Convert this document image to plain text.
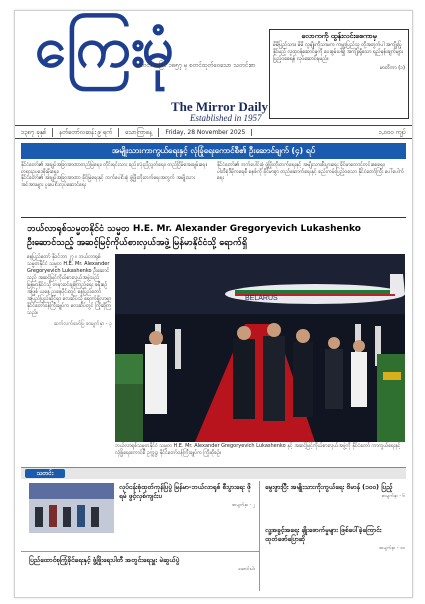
ကြေးမုံ
သတင်း အမြင် ၁၈၅၇ မှ စတင်ထုတ်ဝေသော သတင်းစာ
The Mirror Daily
Established in 1957
လောကကို ထွန်းလင်းစေကာမှ
မိမိပြည်သား၊ မိမိ လူမျိုးကိုသာမက ကမ္ဘာ့ပြည်သူ တို့အတွက်ပါ အကျိုးပြုနိုင်မည့် လူထုဝန်ဆောင်မှုကို ပေးစွမ်းပါ၍ အကျိုးရှိသော ရည်မှန်းချက်များ ပြည့်ဝစေရန် လုပ်ဆောင်ရမည်။
မာတိကာ (၁)
၁၃၈၇ ခုနှစ်	နတ်တော်လဆန်း ၉ ရက်	သောကြာနေ့	Friday, 28 November 2025	၁,၀၀၀ ကျပ်
အမျိုးသားကာကွယ်ရေးနှင့် လုံခြုံရေးကောင်စီ၏ ဦးဆောင်ချက် (၄) ရပ်
နိုင်ငံတော်၏ အချုပ်အခြာအာဏာတည်မြဲရေး၊ တိုင်းရင်းသား စည်းလုံးညီညွတ်ရေး၊ တည်ငြိမ်အေးချမ်းရေး၊ တရားဥပဒေစိုးမိုးရေး၊
နိုင်ငံတော်၏ အချုပ်အခြာအာဏာ ခိုင်မြဲရေးနှင့် ဘက်ပေါင်းစုံ ဖွံ့ဖြိုးတိုးတက်ရေးအတွက် အမျိုးသားအင်အားများ ပူးပေါင်းလုပ်ဆောင်ရေး
နိုင်ငံတော်၏ ဘက်ပေါင်းစုံ ဖွံ့ဖြိုးတိုးတက်ရေးနှင့် အမျိုးသားစီးပွားရေး ခိုင်မာတောင့်တင်းစေရေး၊
ပါတီစုံဒီမိုကရေစီ စနစ်ကို ခိုင်မာစွာ တည်ဆောက်ရေးနှင့် စည်းကမ်းပြည့်ဝသော နိုင်ငံတော်ကြီး ပေါ်ပေါက်ရေး
ဘယ်လာရုစ်သမ္မတနိုင်ငံ သမ္မတ H.E. Mr. Alexander Gregoryevich Lukashenko
ဦးဆောင်သည့် အဆင့်မြင့်ကိုယ်စားလှယ်အဖွဲ့ မြန်မာနိုင်ငံသို့ ရောက်ရှိ
နေပြည်တော် နိုဝင်ဘာ ၂၇ ။ ဘယ်လာရုစ် သမ္မတနိုင်ငံ သမ္မတ H.E. Mr. Alexander Gregoryevich Lukashenko ဦးဆောင်သည့် အဆင့်မြင့်ကိုယ်စားလှယ်အဖွဲ့သည် မြန်မာနိုင်ငံသို့ တရားဝင်ချစ်ကြည်ရေး ခရီးစဉ်အဖြစ် ယနေ့ ညနေပိုင်းတွင် နေပြည်တော် အပြည်ပြည်ဆိုင်ရာ လေဆိပ်သို့ ရောက်ရှိလာရာ နိုင်ငံတော်ဝန်ကြီးချုပ်က လေဆိပ်တွင် ကြိုဆိုကြသည်။
ဆက်လက်ဖော်ပြ ‌‌‌‌‌စာမျက်နှာ - ၃
BELARUS
ဘယ်လာရုစ်သမ္မတနိုင်ငံ သမ္မတ H.E. Mr. Alexander Gregoryevich Lukashenko နှင့် အဆင့်မြင့်ကိုယ်စားလှယ်အဖွဲ့ကို နိုင်ငံတော် ကာကွယ်ရေးနှင့် လုံခြုံရေးကောင်စီ ဥက္ကဋ္ဌ၊ နိုင်ငံတော်ဝန်ကြီးချုပ်က ကြိုဆိုစဉ်။
သတင်း
လုပ်ငန်းစုံထုတ်ကုန်ပြပွဲ မြန်မာ-ဘယ်လာရုစ် စီးပွားရေး ဖိုရမ် ဖွင့်လှစ်ကျင်းပ
စာမျက်နှာ - ၂
ပြည်ထောင်စုကြံ့ခိုင်ရေးနှင့် ဖွံ့ဖြိုးရေးပါတီ အတွင်းရေးမှူး မဲဆွယ်ပွဲ
ဆောင်းပါး
မွေးဖွားပြီး အမျိုးသားကိုးကွယ်ရေး ဗိမာန် (၁၀၀) ပြည့်
စာမျက်နှာ - ၆
လူ့အခွင့်အရေး ချိုးဖောက်မှုများ ဖြစ်ပေါ်ခဲ့ကြောင်း ထုတ်ဖော်ပြောဆို
စာမျက်နှာ - ၁၀
